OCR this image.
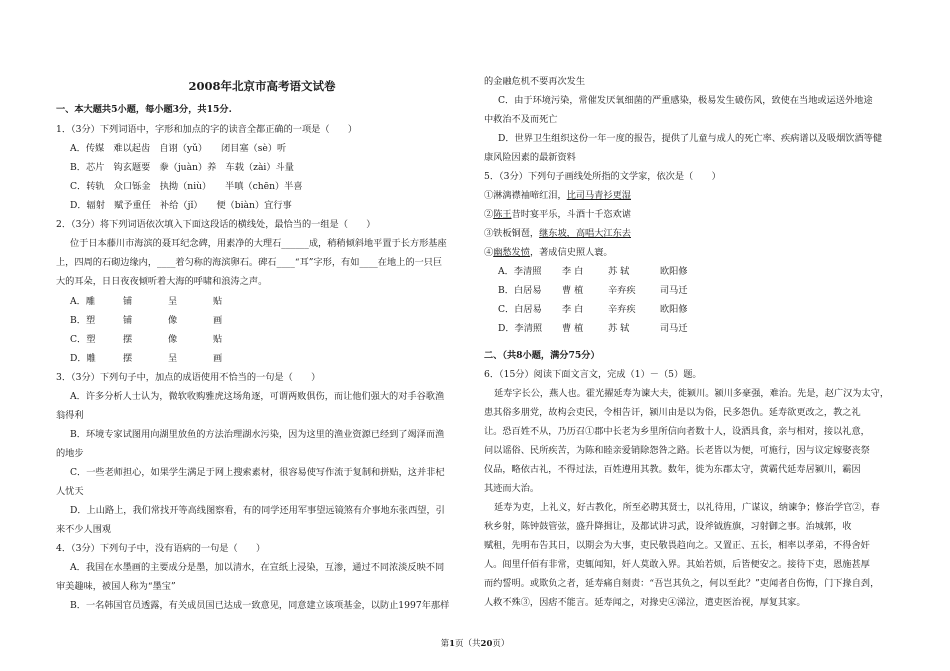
2008年北京市高考语文试卷
一、本大题共5小题，每小题3分，共15分.
1．（3分）下列词语中，字形和加点的字的读音全都正确的一项是（　　）
A．传媒　难以起齿　自诩（yǔ）　　闭目塞（sè）听
B．芯片　钩玄题要　豢（juàn）养　车载（zài）斗量
C．转轨　众口铄金　执拗（niù）　　半嗔（chēn）半喜
D．辐射　赋予重任　补给（jǐ）　　便（biàn）宜行事
2．（3分）将下列词语依次填入下面这段话的横线处，最恰当的一组是（　　）
位于日本藤川市海滨的聂耳纪念碑，用素净的大理石______成，稍稍倾斜地平置于长方形基座
上，四周的石砌边缘内，____着匀称的海滨卵石。碑石____“耳”字形，有如____在地上的一只巨
大的耳朵，日日夜夜倾听着大海的呼啸和浪涛之声。
A．雕	铺	呈	贴
B．塑	铺	像	画
C．塑	摆	像	贴
D．雕	摆	呈	画
3．（3分）下列句子中，加点的成语使用不恰当的一句是（　　）
A．许多分析人士认为，微软收购雅虎这场角逐，可谓两败俱伤，而让他们强大的对手谷歌渔
翁得利
B．环境专家试图用向湖里放鱼的方法治理湖水污染，因为这里的渔业资源已经到了竭泽而渔
的地步
C．一些老师担心，如果学生满足于网上搜索素材，很容易使写作流于复制和拼贴，这并非杞
人忧天
D．上山路上，我们常找开等高线图察看，有的同学还用军事望远镜煞有介事地东张西望，引
来不少人围观
4．（3分）下列句子中，没有语病的一句是（　　）
A．我国在水墨画的主要成分是墨，加以清水，在宣纸上浸染，互渗，通过不同浓淡反映不同
审美趣味，被国人称为“墨宝”
B．一名韩国官员透露，有关成员国已达成一致意见，同意建立该项基金，以防止1997年那样
的金融危机不要再次发生
C．由于环境污染，常催发厌氧细菌的严重感染，极易发生破伤风，致使在当地或运送外地途
中救治不及而死亡
D．世界卫生组织这份一年一度的报告，提供了儿童与成人的死亡率、疾病谱以及吸烟饮酒等健
康风险因素的最新资料
5．（3分）下列句子画线处所指的文学家，依次是（　　）
①淋漓襟袖啼红泪，比司马青衫更湿
②陈王昔时宴平乐，斗酒十千恣欢谑
③铁板铜琶，继东坡，高唱大江东去
④幽愁发愤，著成信史照人寰。
A．李清照 李 白	苏 轼	欧阳修
B．白居易 曹 植	辛弃疾	司马迁
C．白居易 李 白	辛弃疾	欧阳修
D．李清照 曹 植	苏 轼	司马迁
二、（共8小题，满分75分）
6．（15分）阅读下面文言文，完成（1）－（5）题。
延寿字长公，燕人也。霍光擢延寿为谏大夫，徙颍川。颍川多豪强，难治。先是，赵广汉为太守，
患其俗多朋党，故构会吏民，令相告讦，颍川由是以为俗，民多怨仇。延寿欲更改之，教之礼
让。恐百姓不从，乃历召①郡中长老为乡里所信向者数十人，设酒具食，亲与相对，接以礼意，
问以谣俗、民所疾苦，为陈和睦亲爱销除怨咎之路。长老皆以为便，可施行，因与议定嫁娶丧祭
仪品，略依古礼，不得过法，百姓遵用其教。数年，徙为东郡太守，黄霸代延寿居颍川，霸因
其迹而大治。
延寿为吏，上礼义，好古教化，所至必聘其贤士，以礼待用，广谋议，纳谏争；修治学官②，春
秋乡射，陈钟鼓管弦，盛升降揖让，及都试讲习武，设斧钺旌旗，习射御之事。治城郭，收
赋租，先明布告其日，以期会为大事，吏民敬畏趋向之。又置正、五长，相率以孝弟，不得舍奸
人。闾里仟佰有非常，吏辄闻知，奸人莫敢入界。其始若烦，后皆便安之。接待下吏，恩施甚厚
而约誓明。或欺负之者，延寿痛自刻责：“吾岂其负之，何以至此？”吏闻者自伤悔，门下掾自刭，
人救不殊③，因痞不能言。延寿闻之，对掾史④涕泣，遣吏医治视，厚复其家。
第1页（共20页）
